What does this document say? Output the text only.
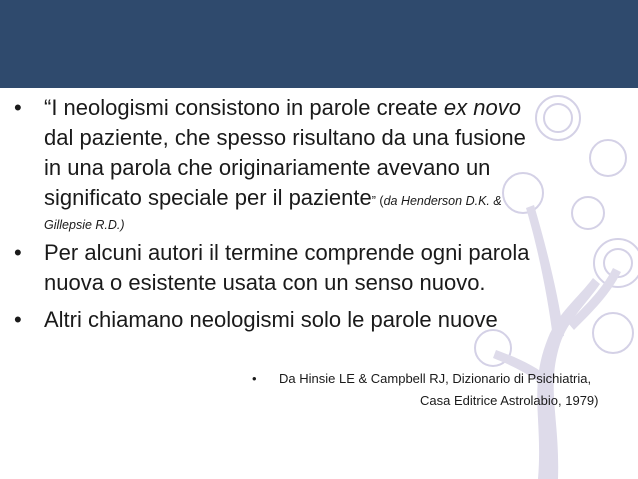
• “I neologismi consistono in parole create ex novo
dal paziente, che spesso risultano da una fusione
in una parola che originariamente avevano un
significato speciale per il paziente” (da Henderson D.K. &
Gillepsie R.D.)
• Per alcuni autori il termine comprende ogni parola
nuova o esistente usata con un senso nuovo.
• Altri chiamano neologismi solo le parole nuove
• Da Hinsie LE & Campbell RJ, Dizionario di Psichiatria,
Casa Editrice Astrolabio, 1979)
